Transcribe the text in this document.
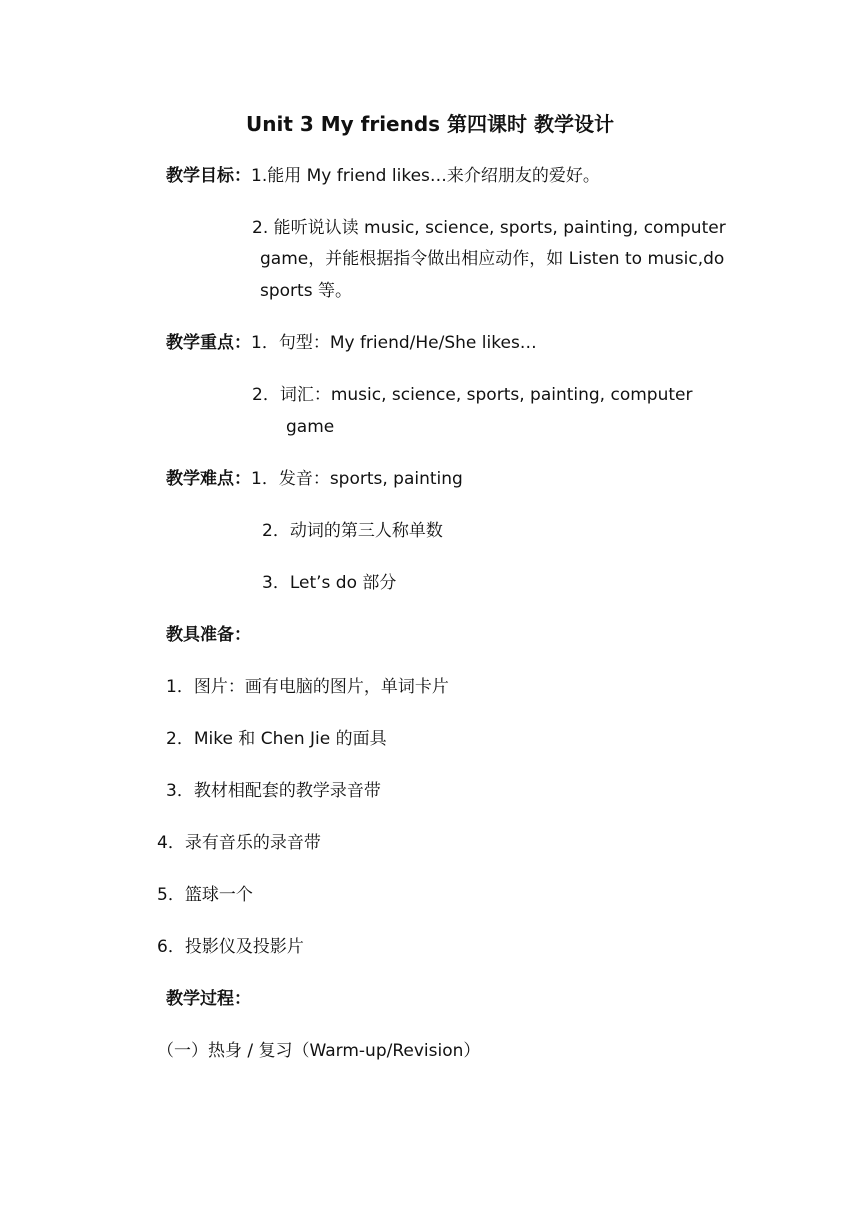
Unit 3 My friends 第四课时 教学设计
教学目标：1.能用 My friend likes…来介绍朋友的爱好。
2. 能听说认读 music, science, sports, painting, computer
game，并能根据指令做出相应动作，如 Listen to music,do
sports 等。
教学重点：1．句型：My friend/He/She likes…
2．词汇：music, science, sports, painting, computer
game
教学难点：1．发音：sports, painting
2．动词的第三人称单数
3．Let’s do 部分
教具准备：
1．图片：画有电脑的图片，单词卡片
2．Mike 和 Chen Jie 的面具
3．教材相配套的教学录音带
4．录有音乐的录音带
5．篮球一个
6．投影仪及投影片
教学过程：
（一）热身 / 复习（Warm-up/Revision）
